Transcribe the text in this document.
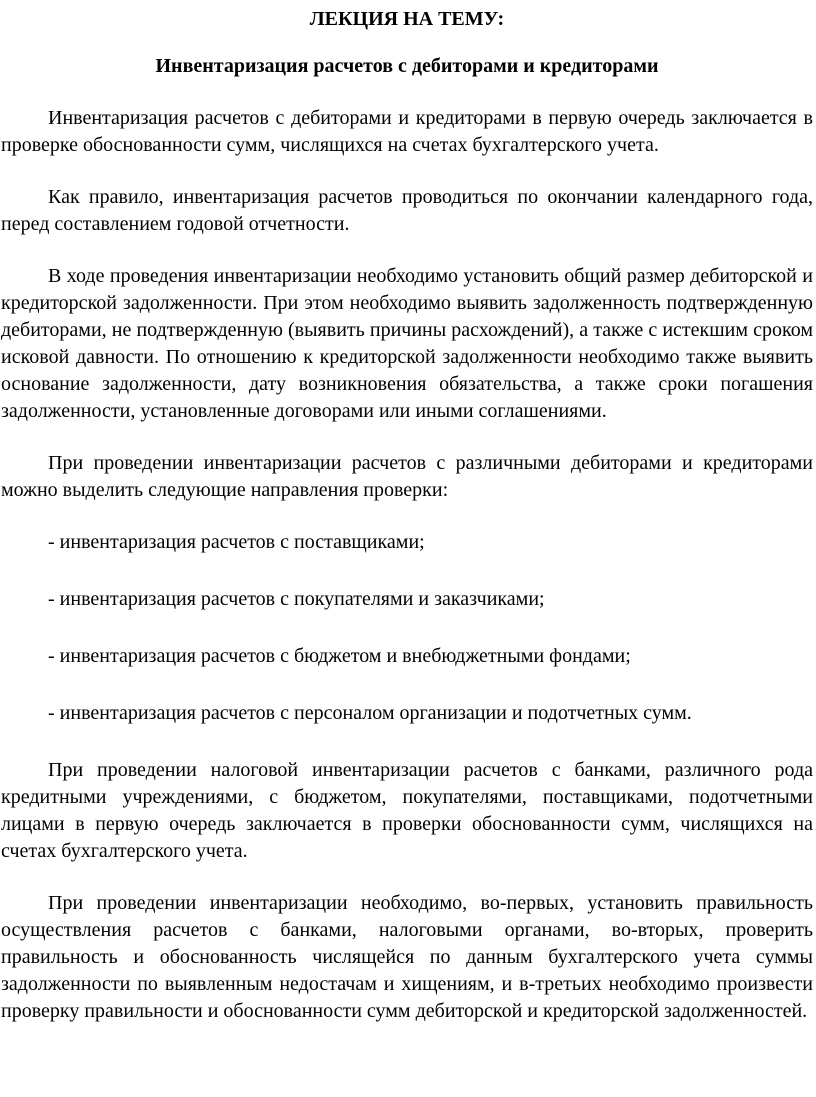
ЛЕКЦИЯ НА ТЕМУ:
Инвентаризация расчетов с дебиторами и кредиторами

Инвентаризация расчетов с дебиторами и кредиторами в первую очередь заключается в проверке обоснованности сумм, числящихся на счетах бухгалтерского учета.

Как правило, инвентаризация расчетов проводиться по окончании календарного года, перед составлением годовой отчетности.

В ходе проведения инвентаризации необходимо установить общий размер дебиторской и кредиторской задолженности. При этом необходимо выявить задолженность подтвержденную дебиторами, не подтвержденную (выявить причины расхождений), а также с истекшим сроком исковой давности. По отношению к кредиторской задолженности необходимо также выявить основание задолженности, дату возникновения обязательства, а также сроки погашения задолженности, установленные договорами или иными соглашениями.

При проведении инвентаризации расчетов с различными дебиторами и кредиторами можно выделить следующие направления проверки:

- инвентаризация расчетов с поставщиками;

- инвентаризация расчетов с покупателями и заказчиками;

- инвентаризация расчетов с бюджетом и внебюджетными фондами;

- инвентаризация расчетов с персоналом организации и подотчетных сумм.

При проведении налоговой инвентаризации расчетов с банками, различного рода кредитными учреждениями, с бюджетом, покупателями, поставщиками, подотчетными лицами в первую очередь заключается в проверки обоснованности сумм, числящихся на счетах бухгалтерского учета.

При проведении инвентаризации необходимо, во-первых, установить правильность осуществления расчетов с банками, налоговыми органами, во-вторых, проверить правильность и обоснованность числящейся по данным бухгалтерского учета суммы задолженности по выявленным недостачам и хищениям, и в-третьих необходимо произвести проверку правильности и обоснованности сумм дебиторской и кредиторской задолженностей.
